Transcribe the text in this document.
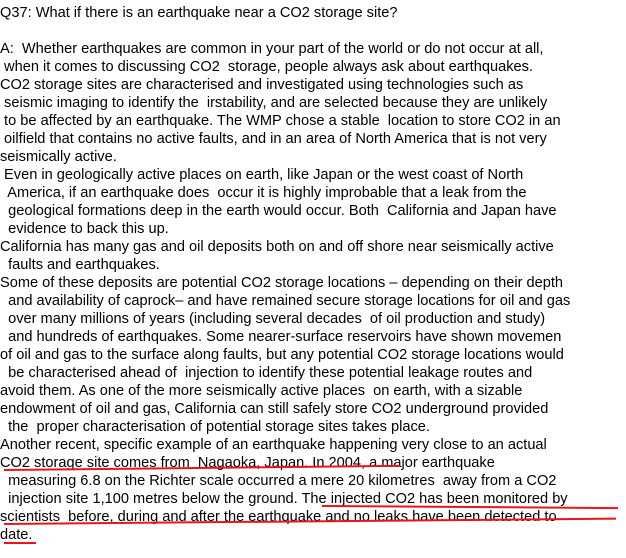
Q37: What if there is an earthquake near a CO2 storage site?
A:  Whether earthquakes are common in your part of the world or do not occur at all,
when it comes to discussing CO2  storage, people always ask about earthquakes.
CO2 storage sites are characterised and investigated using technologies such as
seismic imaging to identify the  irstability, and are selected because they are unlikely
to be affected by an earthquake. The WMP chose a stable  location to store CO2 in an
oilfield that contains no active faults, and in an area of North America that is not very
seismically active.
Even in geologically active places on earth, like Japan or the west coast of North
America, if an earthquake does  occur it is highly improbable that a leak from the
geological formations deep in the earth would occur. Both  California and Japan have
evidence to back this up.
California has many gas and oil deposits both on and off shore near seismically active
faults and earthquakes.
Some of these deposits are potential CO2 storage locations – depending on their depth
and availability of caprock– and have remained secure storage locations for oil and gas
over many millions of years (including several decades  of oil production and study)
and hundreds of earthquakes. Some nearer-surface reservoirs have shown movemen
of oil and gas to the surface along faults, but any potential CO2 storage locations would
be characterised ahead of  injection to identify these potential leakage routes and
avoid them. As one of the more seismically active places  on earth, with a sizable
endowment of oil and gas, California can still safely store CO2 underground provided
the  proper characterisation of potential storage sites takes place.
Another recent, specific example of an earthquake happening very close to an actual
CO2 storage site comes from  Nagaoka, Japan. In 2004, a major earthquake
measuring 6.8 on the Richter scale occurred a mere 20 kilometres  away from a CO2
injection site 1,100 metres below the ground. The injected CO2 has been monitored by
scientists  before, during and after the earthquake and no leaks have been detected to
date.
